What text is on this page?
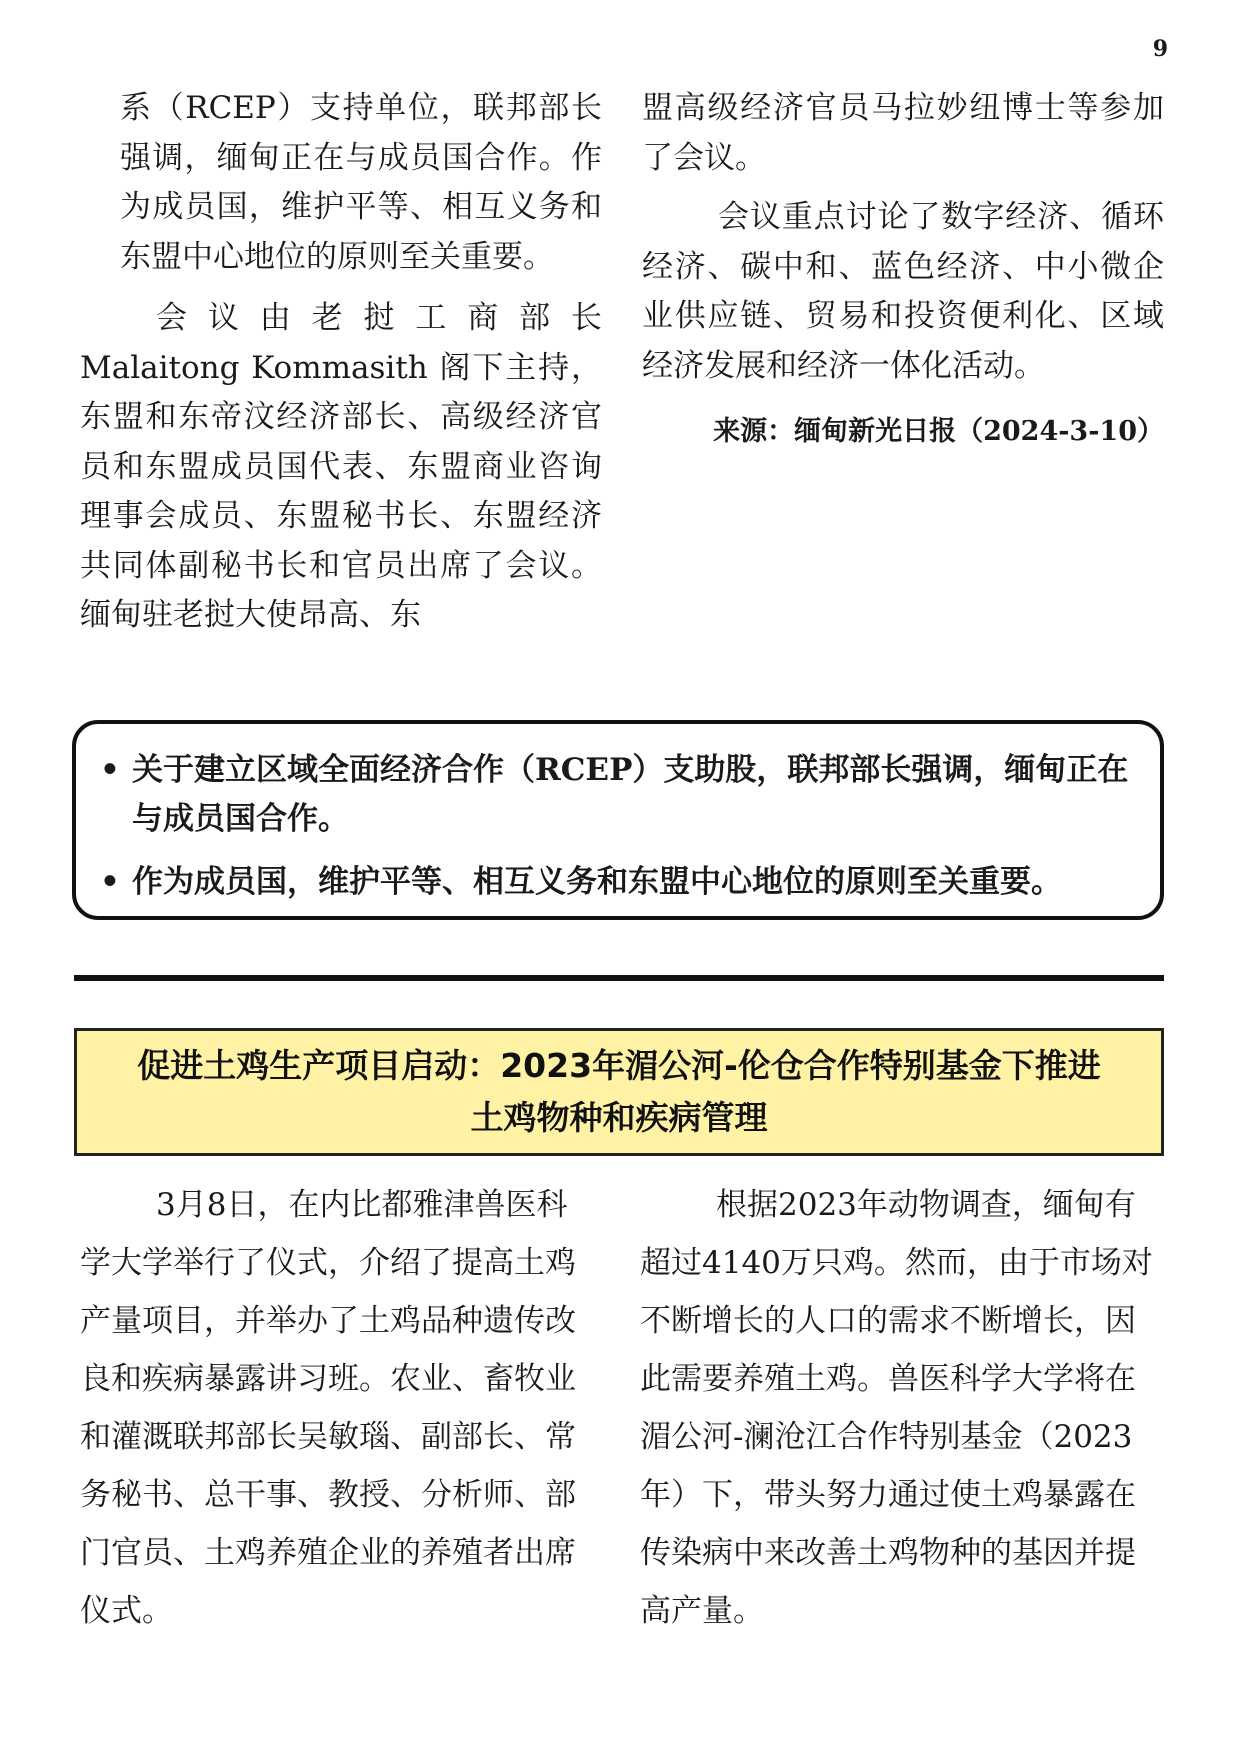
9

系（RCEP）支持单位，联邦部长强调，缅甸正在与成员国合作。作为成员国，维护平等、相互义务和东盟中心地位的原则至关重要。

会议由老挝工商部长 Malaitong Kommasith 阁下主持，东盟和东帝汶经济部长、高级经济官员和东盟成员国代表、东盟商业咨询理事会成员、东盟秘书长、东盟经济共同体副秘书长和官员出席了会议。缅甸驻老挝大使昂高、东

盟高级经济官员马拉妙纽博士等参加了会议。

会议重点讨论了数字经济、循环经济、碳中和、蓝色经济、中小微企业供应链、贸易和投资便利化、区域经济发展和经济一体化活动。

来源：缅甸新光日报（2024-3-10）

• 关于建立区域全面经济合作（RCEP）支助股，联邦部长强调，缅甸正在与成员国合作。
• 作为成员国，维护平等、相互义务和东盟中心地位的原则至关重要。
促进土鸡生产项目启动：2023年湄公河-伦仓合作特别基金下推进
土鸡物种和疾病管理

3月8日，在内比都雅津兽医科学大学举行了仪式，介绍了提高土鸡产量项目，并举办了土鸡品种遗传改良和疾病暴露讲习班。农业、畜牧业和灌溉联邦部长吴敏瑙、副部长、常务秘书、总干事、教授、分析师、部门官员、土鸡养殖企业的养殖者出席仪式。

根据2023年动物调查，缅甸有超过4140万只鸡。然而，由于市场对不断增长的人口的需求不断增长，因此需要养殖土鸡。兽医科学大学将在湄公河-澜沧江合作特别基金（2023年）下，带头努力通过使土鸡暴露在传染病中来改善土鸡物种的基因并提高产量。
